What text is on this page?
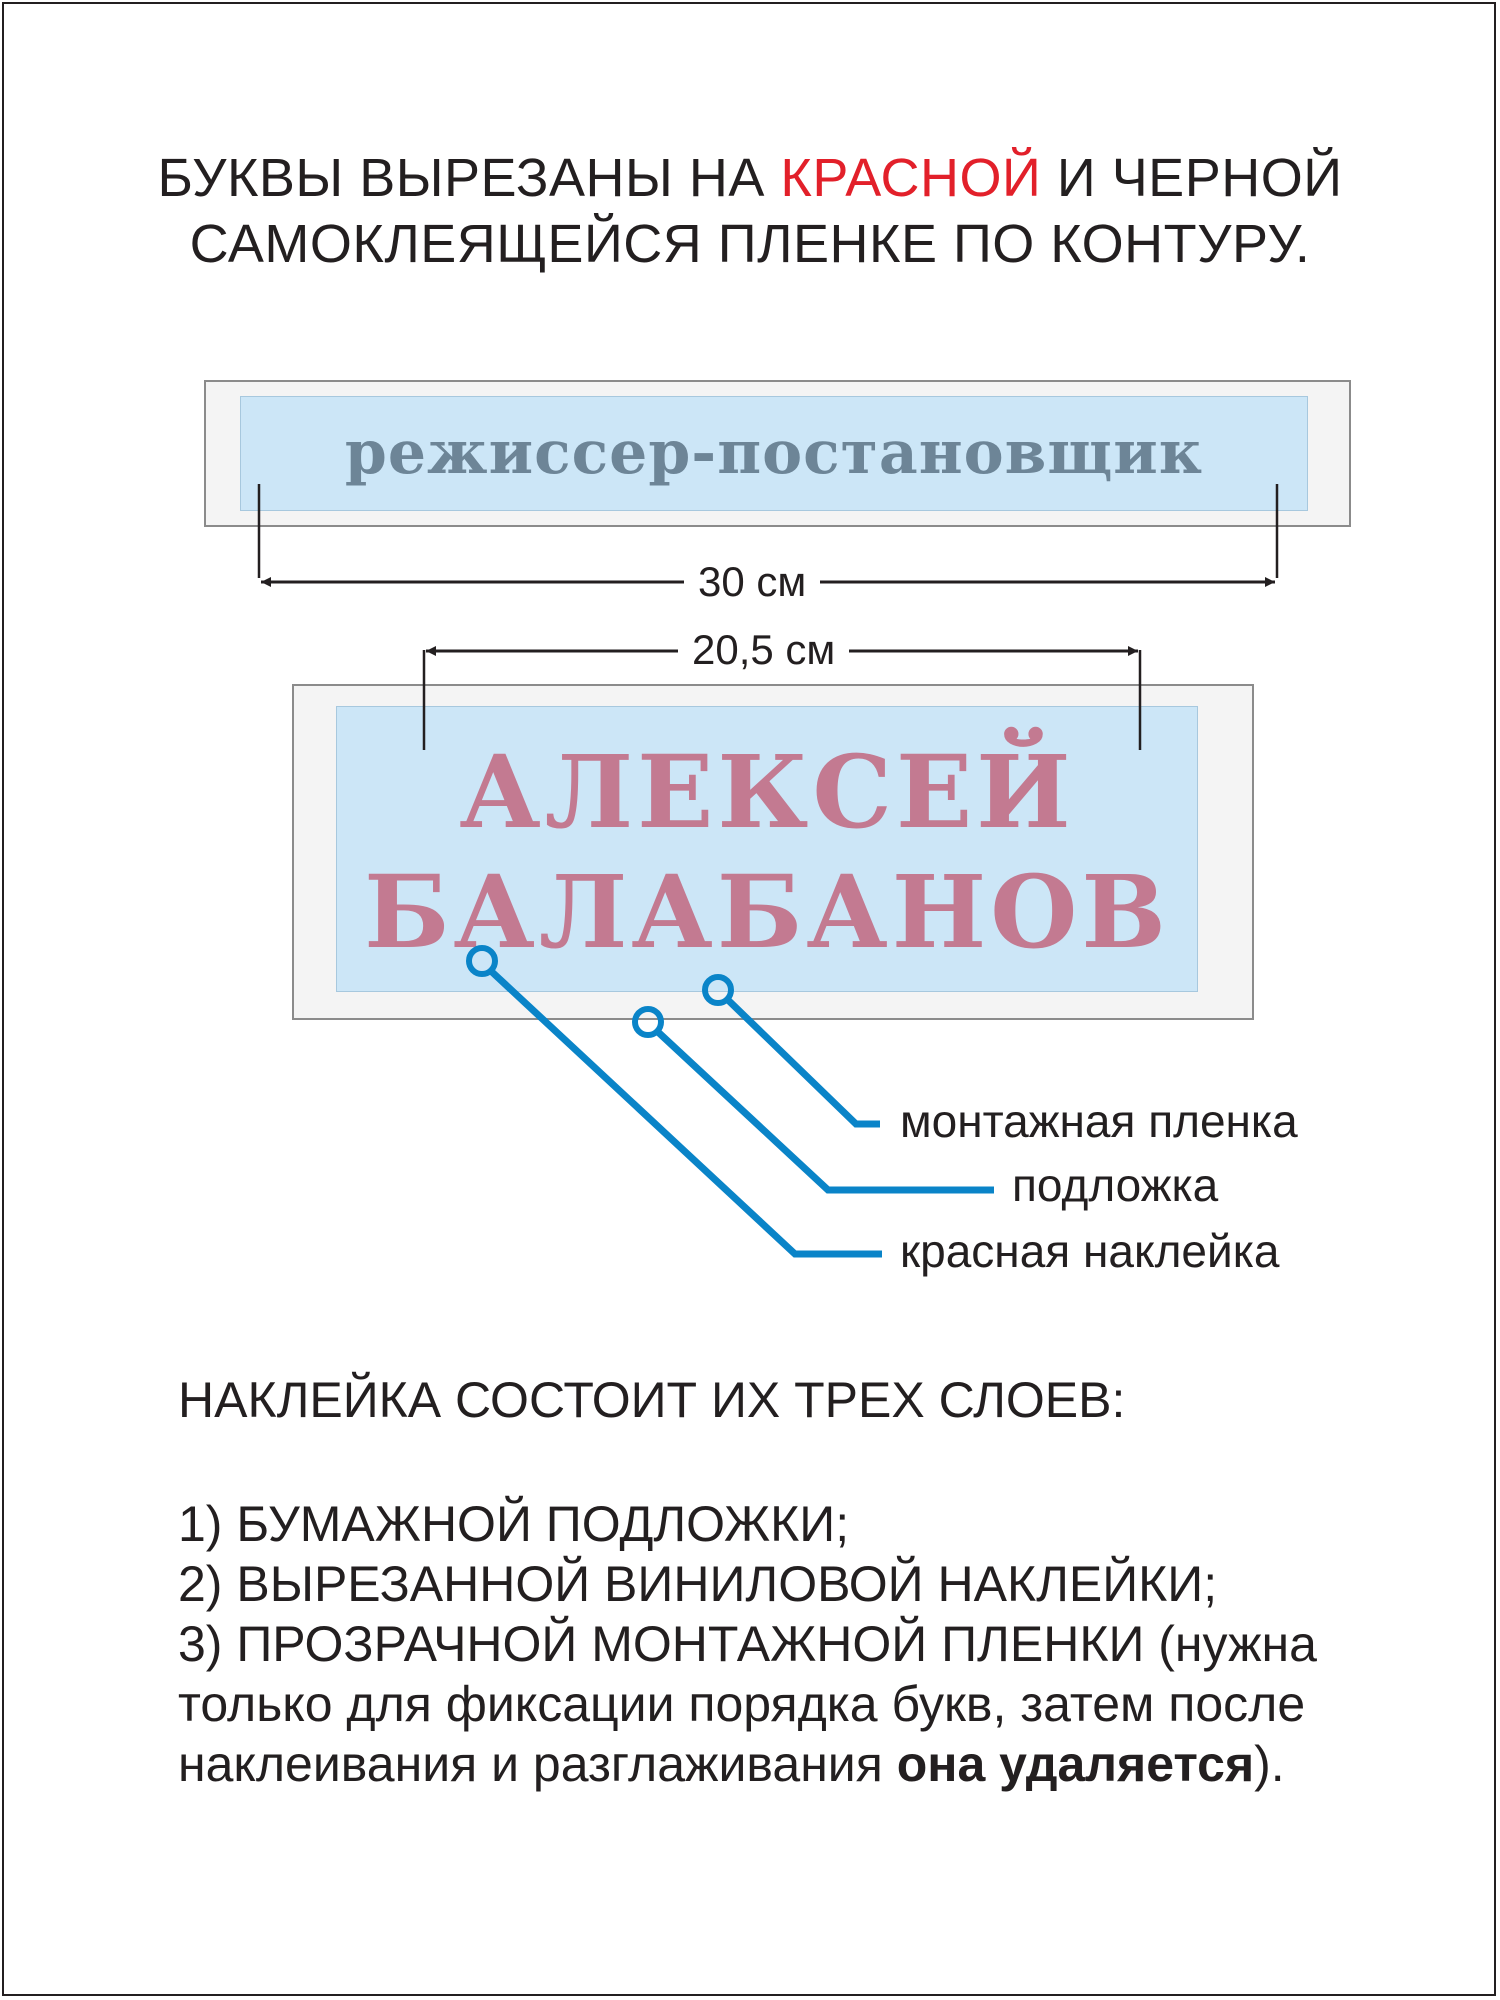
БУКВЫ ВЫРЕЗАНЫ НА КРАСНОЙ И ЧЕРНОЙ
САМОКЛЕЯЩЕЙСЯ ПЛЕНКЕ ПО КОНТУРУ.
режиссер-постановщик
АЛЕКСЕЙ
БАЛАБАНОВ
30 см
20,5 см
монтажная пленка
подложка
красная наклейка
НАКЛЕЙКА СОСТОИТ ИХ ТРЕХ СЛОЕВ:
1) БУМАЖНОЙ ПОДЛОЖКИ;
2) ВЫРЕЗАННОЙ ВИНИЛОВОЙ НАКЛЕЙКИ;
3) ПРОЗРАЧНОЙ МОНТАЖНОЙ ПЛЕНКИ (нужна только для фиксации порядка букв, затем после наклеивания и разглаживания она удаляется).
